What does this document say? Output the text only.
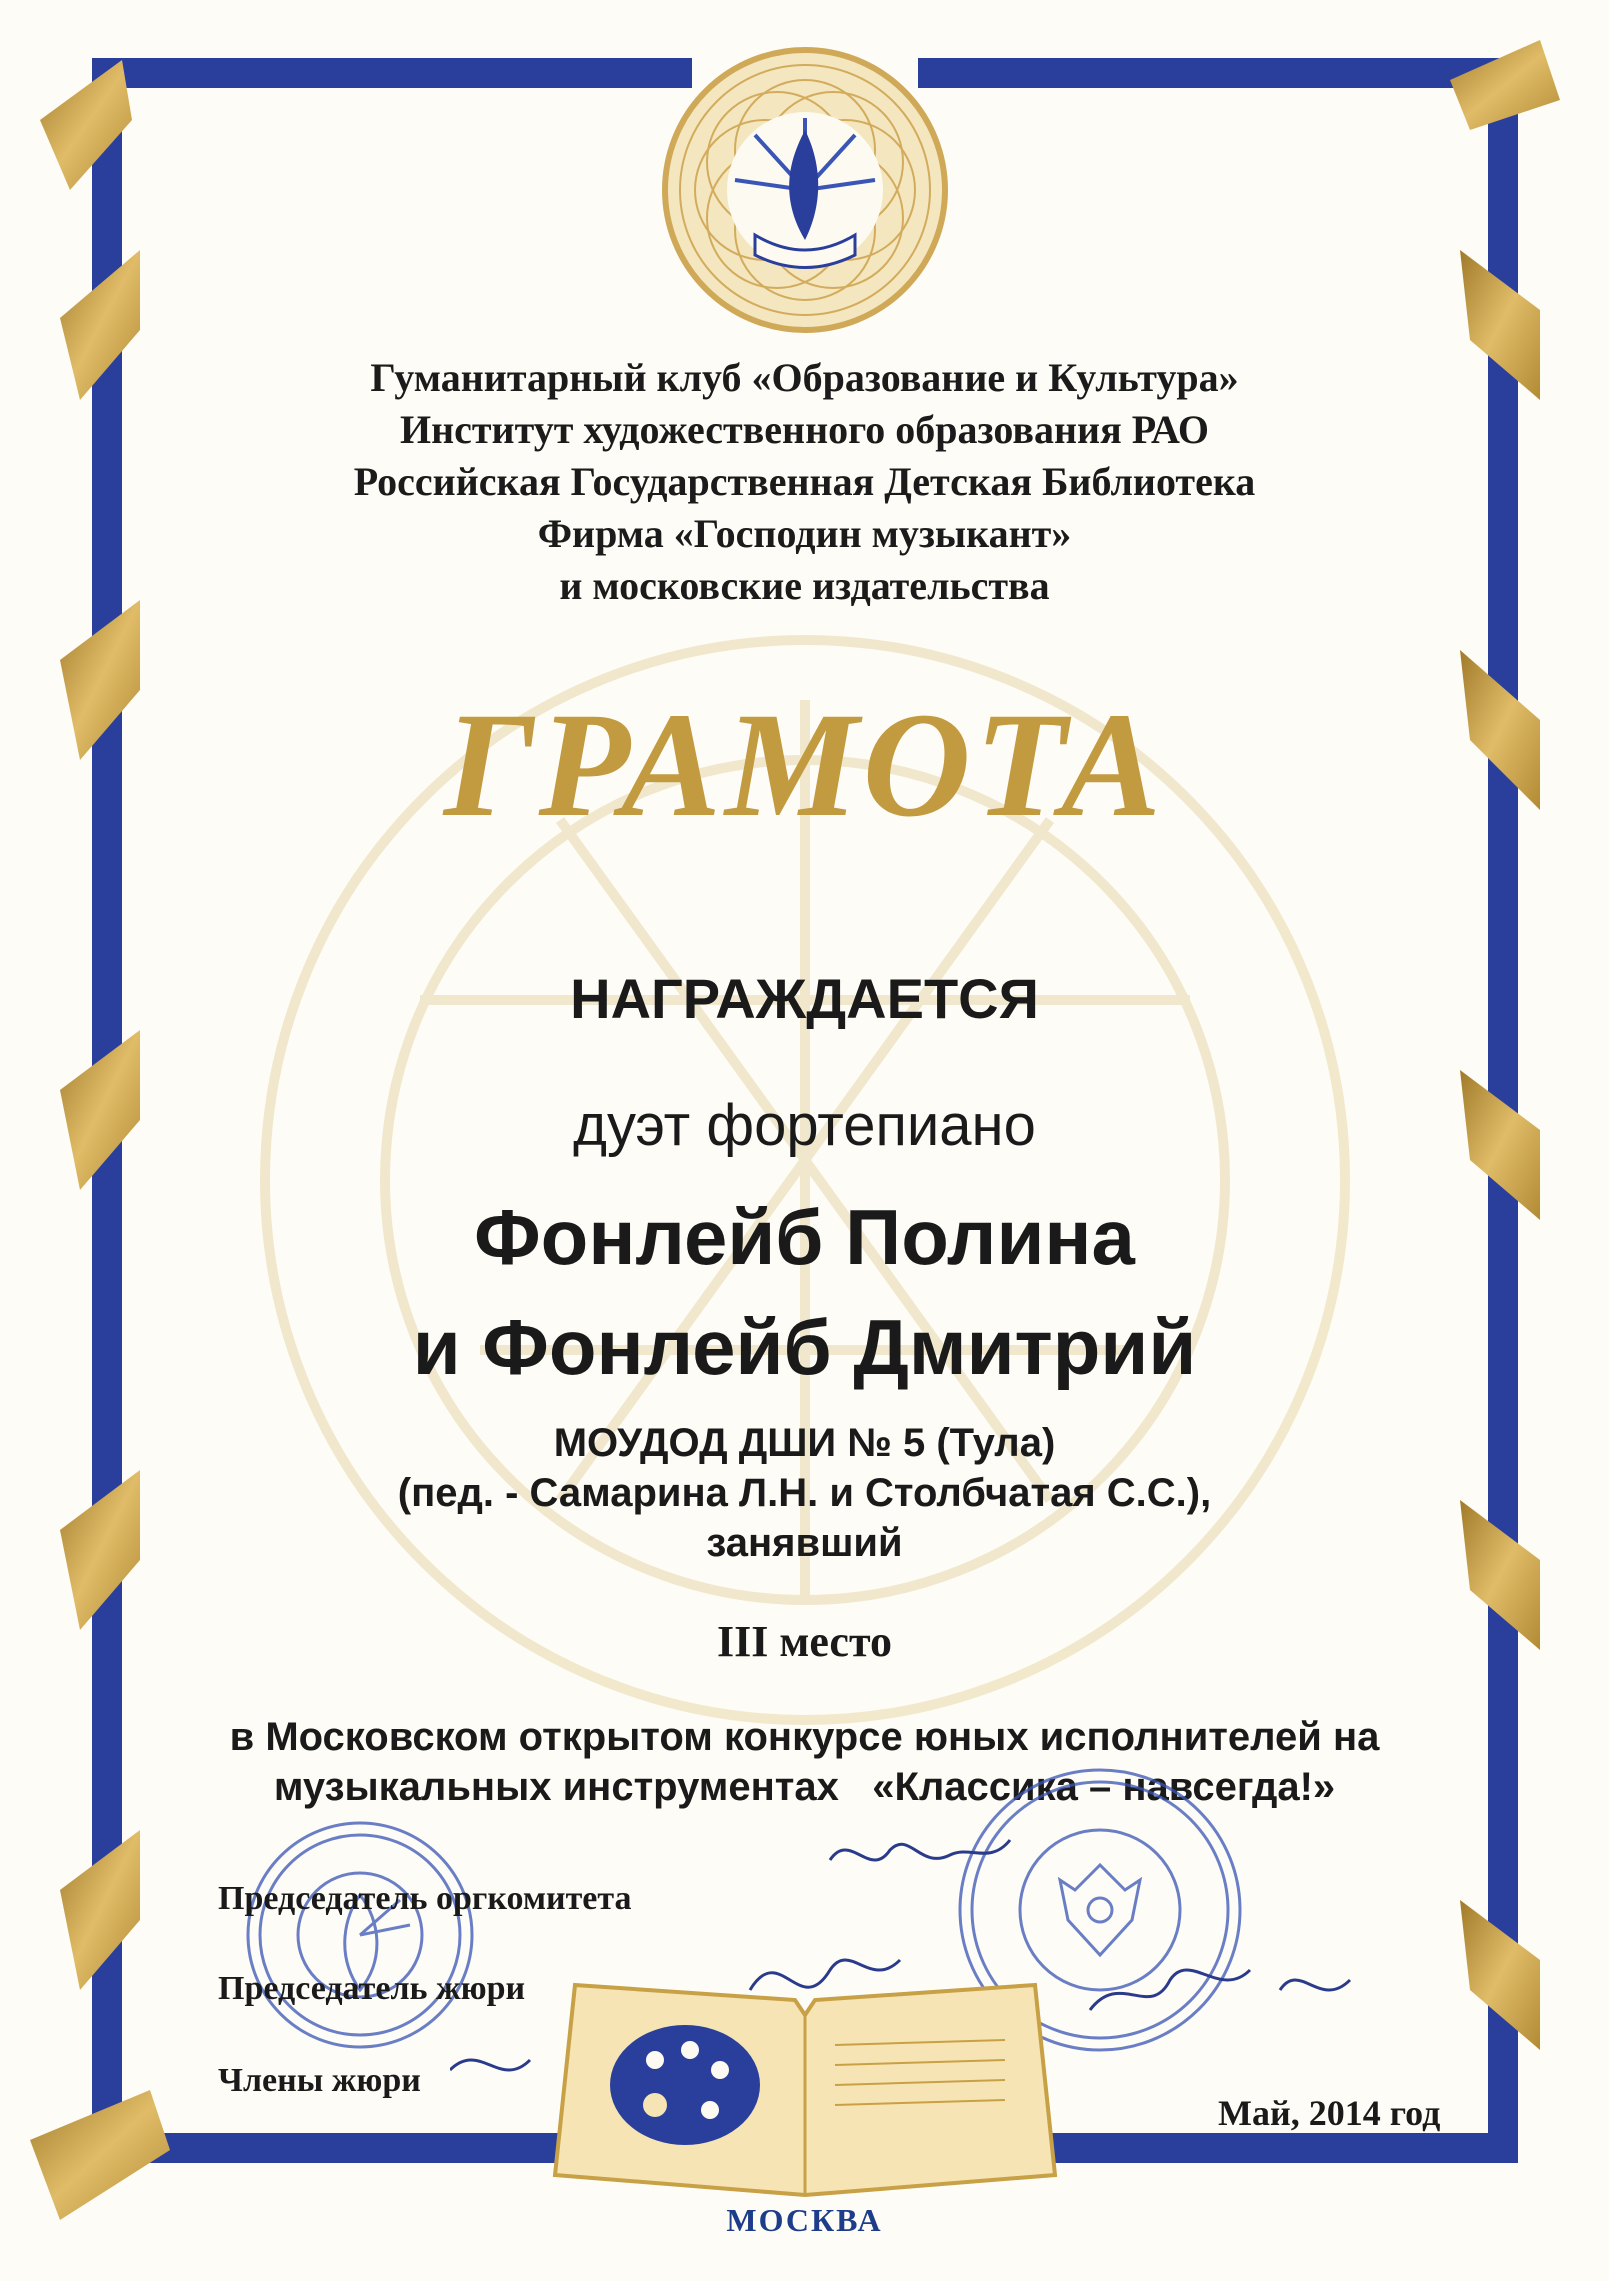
Гуманитарный клуб «Образование и Культура»
Институт художественного образования РАО
Российская Государственная Детская Библиотека
Фирма «Господин музыкант»
и московские издательства
ГРАМОТА
НАГРАЖДАЕТСЯ
дуэт фортепиано
Фонлейб Полина
и Фонлейб Дмитрий
МОУДОД ДШИ № 5 (Тула)
(пед. - Самарина Л.Н. и Столбчатая С.С.),
занявший
III место
в Московском открытом конкурсе юных исполнителей на
музыкальных инструментах   «Классика – навсегда!»
Председатель оргкомитета
Председатель жюри
Члены жюри
Май, 2014 год
МОСКВА
